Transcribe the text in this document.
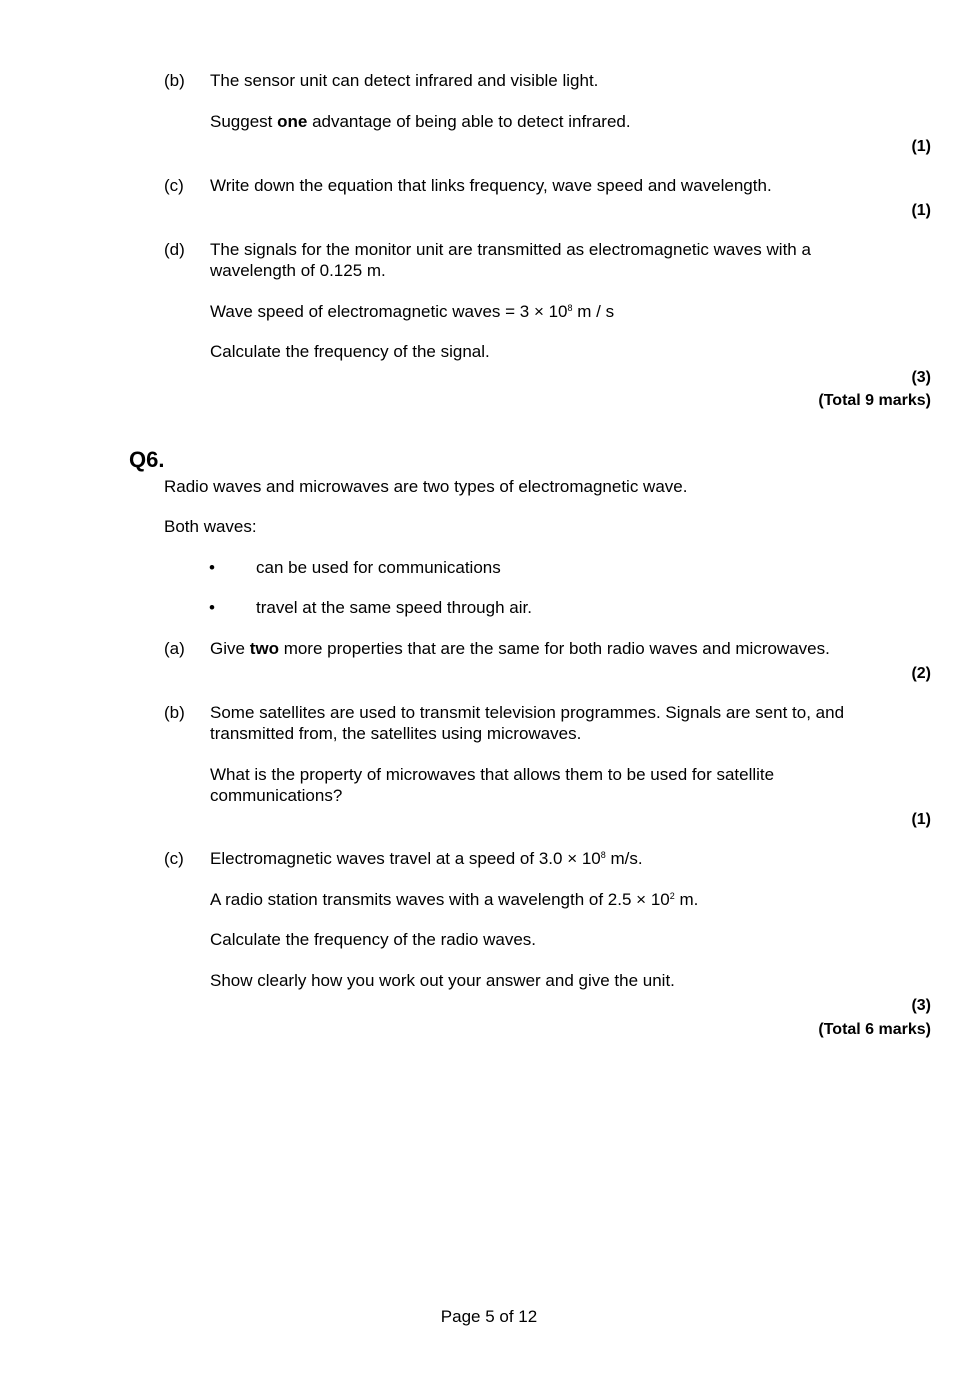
(b) The sensor unit can detect infrared and visible light.
Suggest one advantage of being able to detect infrared.
(1)
(c) Write down the equation that links frequency, wave speed and wavelength.
(1)
(d) The signals for the monitor unit are transmitted as electromagnetic waves with a
wavelength of 0.125 m.
Wave speed of electromagnetic waves = $3 \times 10^8$ m / s
Calculate the frequency of the signal.
(3)
(Total 9 marks)
Q6.
Radio waves and microwaves are two types of electromagnetic wave.
Both waves:
• can be used for communications
• travel at the same speed through air.
(a) Give two more properties that are the same for both radio waves and microwaves.
(2)
(b) Some satellites are used to transmit television programmes. Signals are sent to, and
transmitted from, the satellites using microwaves.
What is the property of microwaves that allows them to be used for satellite
communications?
(1)
(c) Electromagnetic waves travel at a speed of $3.0 \times 10^8$ m/s.
A radio station transmits waves with a wavelength of $2.5 \times 10^2$ m.
Calculate the frequency of the radio waves.
Show clearly how you work out your answer and give the unit.
(3)
(Total 6 marks)
Page 5 of 12
